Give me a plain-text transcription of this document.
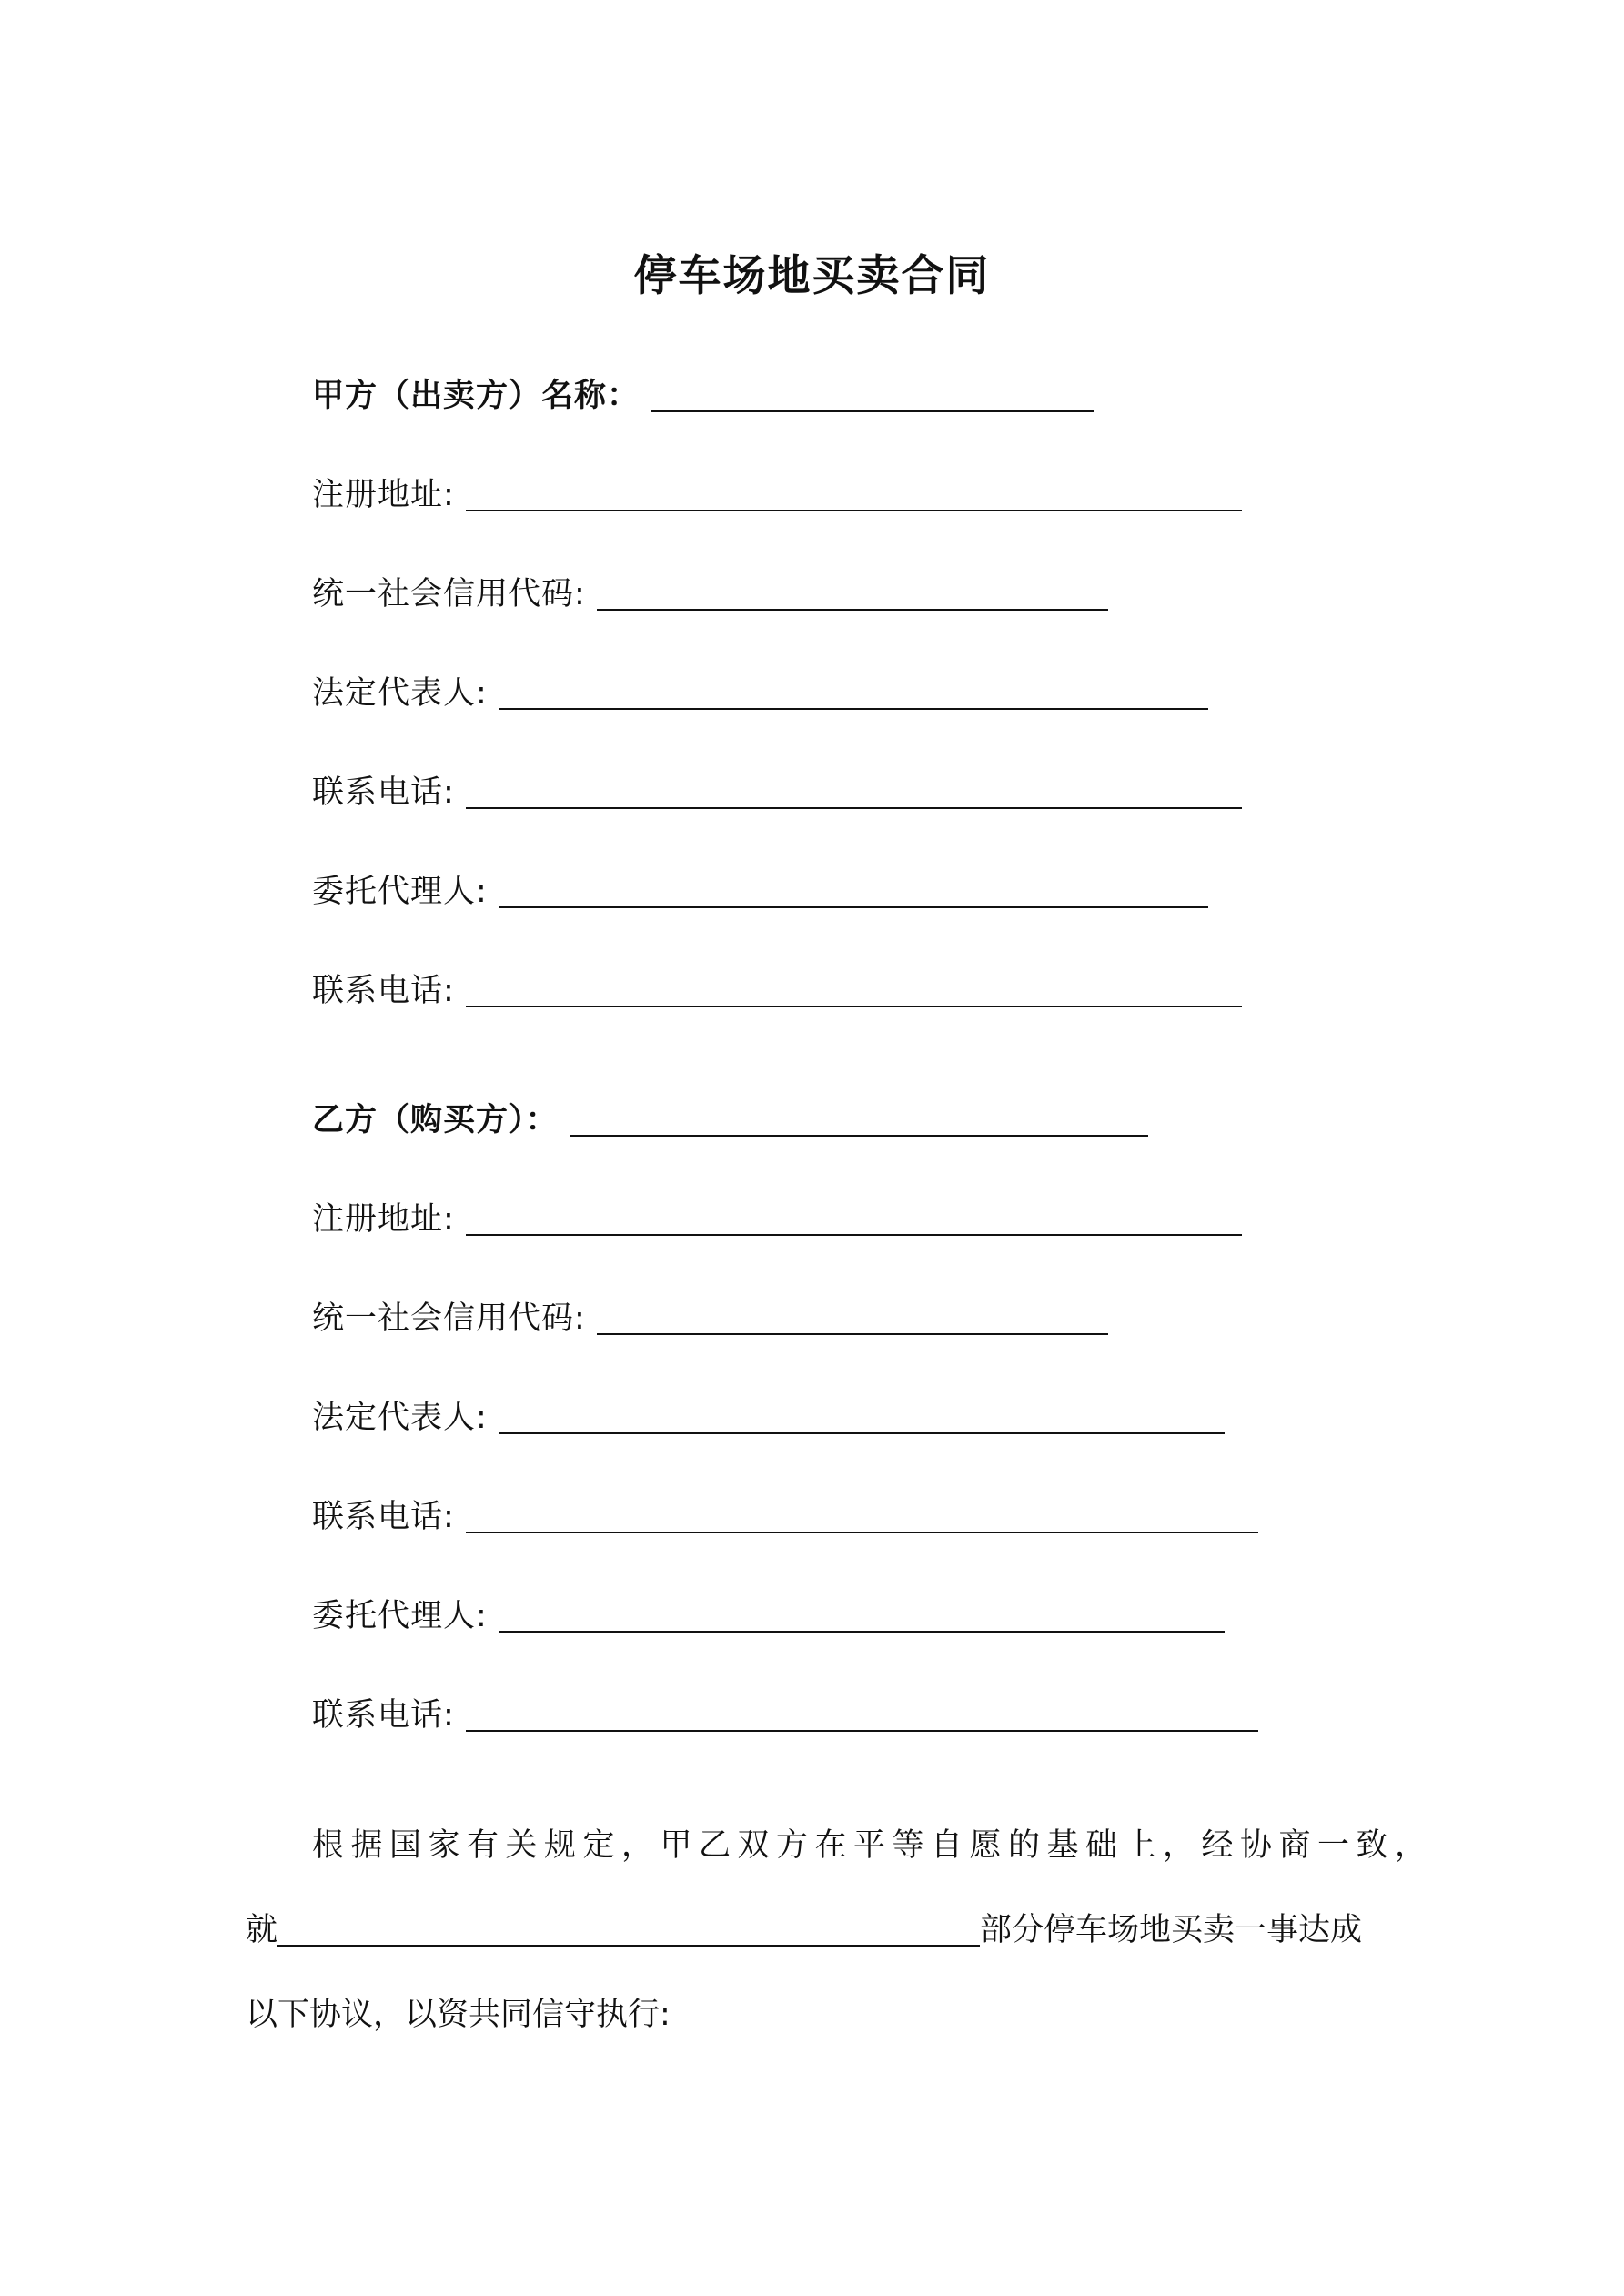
停车场地买卖合同
甲方（出卖方）名称：
注册地址:
统一社会信用代码:
法定代表人:
联系电话:
委托代理人:
联系电话:
乙方（购买方）：
注册地址:
统一社会信用代码:
法定代表人:
联系电话:
委托代理人:
联系电话:
根据国家有关规定，甲乙双方在平等自愿的基础上，经协商一致，
就	部分停车场地买卖一事达成
以下协议，以资共同信守执行:
